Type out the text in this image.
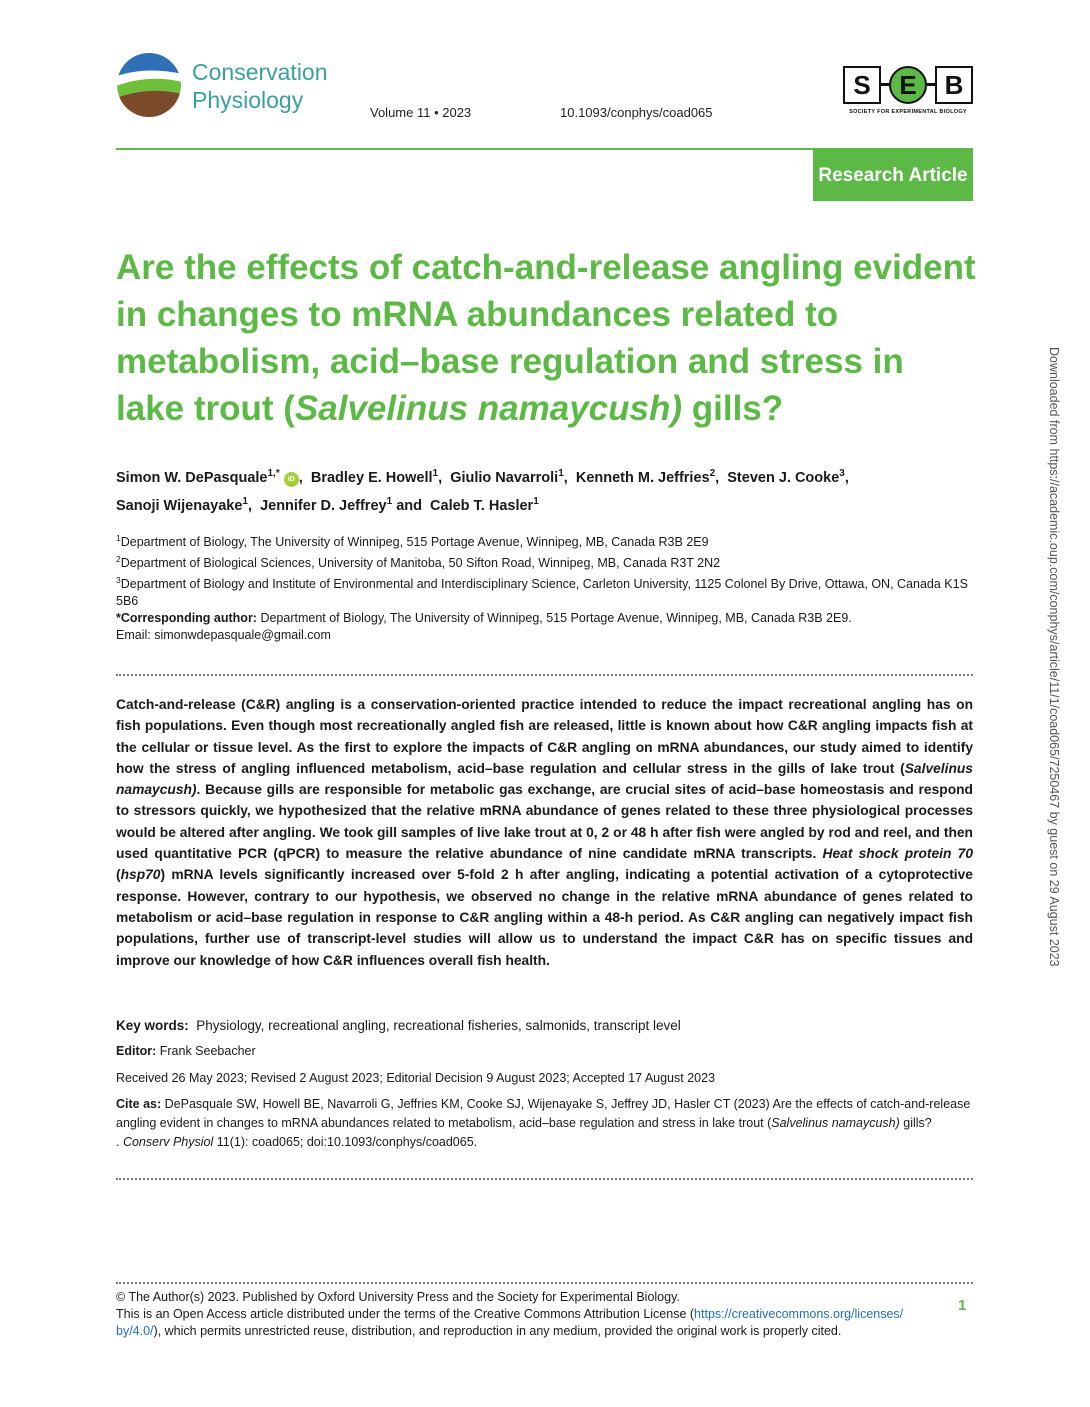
Conservation
Physiology	Volume 11 • 2023	10.1093/conphys/coad065
S	E	B
SOCIETY FOR EXPERIMENTAL BIOLOGY
Research Article
Are the effects of catch-and-release angling evident in changes to mRNA abundances related to metabolism, acid–base regulation and stress in lake trout (Salvelinus namaycush) gills?
Simon W. DePasquale$^{1,*}$ iD , Bradley E. Howell$^1$, Giulio Navarroli$^1$, Kenneth M. Jeffries$^2$, Steven J. Cooke$^3$,
Sanoji Wijenayake$^1$, Jennifer D. Jeffrey$^1$ and Caleb T. Hasler$^1$
$^1$Department of Biology, The University of Winnipeg, 515 Portage Avenue, Winnipeg, MB, Canada R3B 2E9
$^2$Department of Biological Sciences, University of Manitoba, 50 Sifton Road, Winnipeg, MB, Canada R3T 2N2
$^3$Department of Biology and Institute of Environmental and Interdisciplinary Science, Carleton University, 1125 Colonel By Drive, Ottawa, ON, Canada K1S 5B6
*Corresponding author: Department of Biology, The University of Winnipeg, 515 Portage Avenue, Winnipeg, MB, Canada R3B 2E9.
Email: simonwdepasquale@gmail.com
Catch-and-release (C&R) angling is a conservation-oriented practice intended to reduce the impact recreational angling has on fish populations. Even though most recreationally angled fish are released, little is known about how C&R angling impacts fish at the cellular or tissue level. As the first to explore the impacts of C&R angling on mRNA abundances, our study aimed to identify how the stress of angling influenced metabolism, acid–base regulation and cellular stress in the gills of lake trout (Salvelinus namaycush). Because gills are responsible for metabolic gas exchange, are crucial sites of acid–base homeostasis and respond to stressors quickly, we hypothesized that the relative mRNA abundance of genes related to these three physiological processes would be altered after angling. We took gill samples of live lake trout at 0, 2 or 48 h after fish were angled by rod and reel, and then used quantitative PCR (qPCR) to measure the relative abundance of nine candidate mRNA transcripts. Heat shock protein 70 (hsp70) mRNA levels significantly increased over 5-fold 2 h after angling, indicating a potential activation of a cytoprotective response. However, contrary to our hypothesis, we observed no change in the relative mRNA abundance of genes related to metabolism or acid–base regulation in response to C&R angling within a 48-h period. As C&R angling can negatively impact fish populations, further use of transcript-level studies will allow us to understand the impact C&R has on specific tissues and improve our knowledge of how C&R influences overall fish health.
Key words: Physiology, recreational angling, recreational fisheries, salmonids, transcript level
Editor: Frank Seebacher
Received 26 May 2023; Revised 2 August 2023; Editorial Decision 9 August 2023; Accepted 17 August 2023
Cite as: DePasquale SW, Howell BE, Navarroli G, Jeffries KM, Cooke SJ, Wijenayake S, Jeffrey JD, Hasler CT (2023) Are the effects of catch-and-release angling evident in changes to mRNA abundances related to metabolism, acid–base regulation and stress in lake trout (Salvelinus namaycush) gills?
. Conserv Physiol 11(1): coad065; doi:10.1093/conphys/coad065.
© The Author(s) 2023. Published by Oxford University Press and the Society for Experimental Biology.
This is an Open Access article distributed under the terms of the Creative Commons Attribution License (https://creativecommons.org/licenses/
by/4.0/), which permits unrestricted reuse, distribution, and reproduction in any medium, provided the original work is properly cited.
1
Downloaded from https://academic.oup.com/conphys/article/11/1/coad065/7250467 by guest on 29 August 2023
